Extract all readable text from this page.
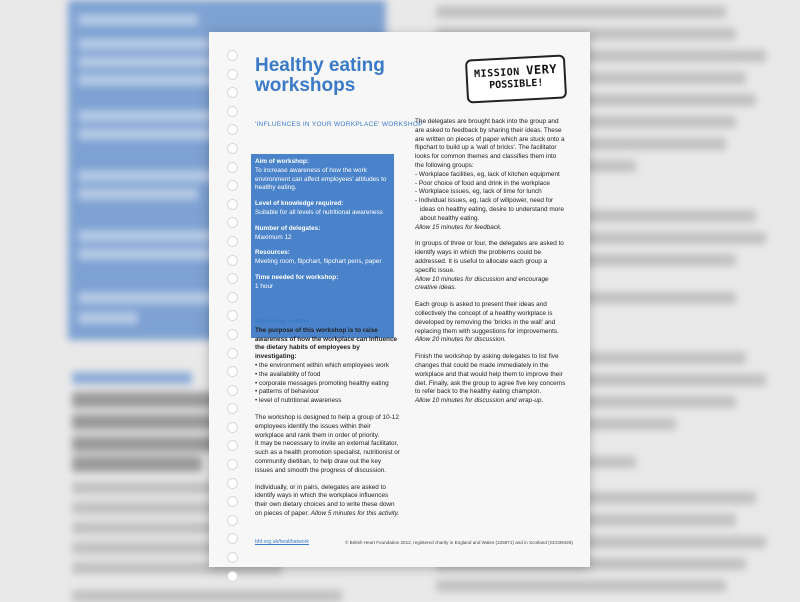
Healthy eating
workshops
MISSION VERY
POSSIBLE!
'INFLUENCES IN YOUR WORKPLACE' WORKSHOP
Aim of workshop:
To increase awareness of how the work environment can affect employees' attitudes to healthy eating.
Level of knowledge required:
Suitable for all levels of nutritional awareness
Number of delegates:
Maximum 12
Resources:
Meeting room, flipchart, flipchart pens, paper
Time needed for workshop:
1 hour
Workshop outline
The purpose of this workshop is to raise awareness of how the workplace can influence the dietary habits of employees by investigating:
• the environment within which employees work
• the availability of food
• corporate messages promoting healthy eating
• patterns of behaviour
• level of nutritional awareness

The workshop is designed to help a group of 10-12 employees identify the issues within their workplace and rank them in order of priority.

It may be necessary to invite an external facilitator, such as a health promotion specialist, nutritionist or community dietitian, to help draw out the key issues and smooth the progress of discussion.

Individually, or in pairs, delegates are asked to identify ways in which the workplace influences their own dietary choices and to write these down on pieces of paper. Allow 5 minutes for this activity.

The delegates are brought back into the group and are asked to feedback by sharing their ideas. These are written on pieces of paper which are stuck onto a flipchart to build up a 'wall of bricks'. The facilitator looks for common themes and classifies them into the following groups:
- Workplace facilities, eg, lack of kitchen equipment
- Poor choice of food and drink in the workplace
- Workplace issues, eg, lack of time for lunch
- Individual issues, eg, lack of willpower, need for ideas on healthy eating, desire to understand more about healthy eating.

Allow 15 minutes for feedback.

In groups of three or four, the delegates are asked to identify ways in which the problems could be addressed. It is useful to allocate each group a specific issue.

Allow 10 minutes for discussion and encourage creative ideas.

Each group is asked to present their ideas and collectively the concept of a healthy workplace is developed by removing the 'bricks in the wall' and replacing them with suggestions for improvements.

Allow 20 minutes for discussion.

Finish the workshop by asking delegates to list five changes that could be made immediately in the workplace and that would help them to improve their diet. Finally, ask the group to agree five key concerns to refer back to the healthy eating champion.

Allow 10 minutes for discussion and wrap-up.

bhf.org.uk/healthatwork	© British Heart Foundation 2012, registered charity in England and Wales (225971) and in Scotland (SC039426)
